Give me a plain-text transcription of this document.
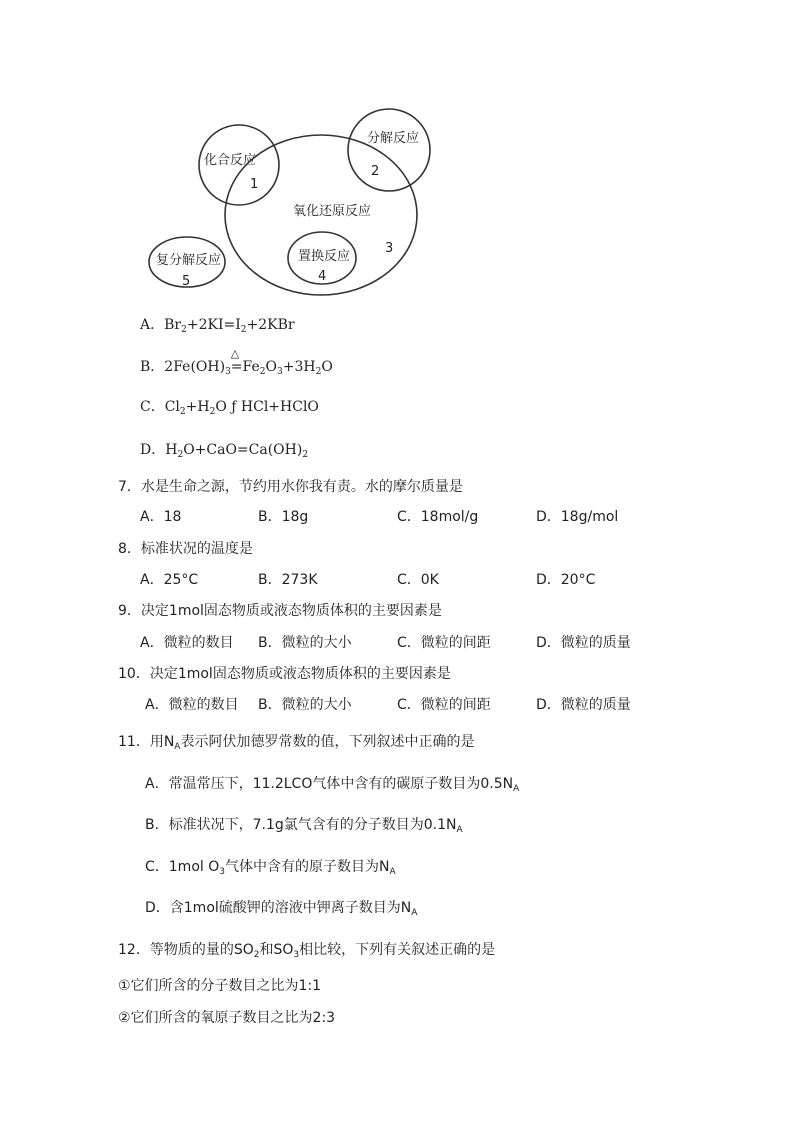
化合反应
1
分解反应
2
氧化还原反应
3
置换反应
4
复分解反应
5
A．$Br_2+2KI=I_2+2KBr$
B．$2Fe(OH)_3$
△
$=Fe_2O_3+3H_2O$
C．$Cl_2+H_2O$ ƒ HCl+HClO
D．$H_2O+CaO=Ca(OH)_2$
7．水是生命之源，节约用水你我有责。水的摩尔质量是
A．18	B．18g	C．18mol/g	D．18g/mol
8．标准状况的温度是
A．25°C	B．273K	C．0K	D．20°C
9．决定1mol固态物质或液态物质体积的主要因素是
A．微粒的数目 B．微粒的大小	C．微粒的间距	D．微粒的质量
10．决定1mol固态物质或液态物质体积的主要因素是
A．微粒的数目 B．微粒的大小	C．微粒的间距	D．微粒的质量
11．用$N_A$表示阿伏加德罗常数的值，下列叙述中正确的是
A．常温常压下，11.2LCO气体中含有的碳原子数目为$0.5N_A$
B．标准状况下，7.1g氯气含有的分子数目为$0.1N_A$
C．1mol $O_3$气体中含有的原子数目为$N_A$
D．含1mol硫酸钾的溶液中钾离子数目为$N_A$
12．等物质的量的$SO_2$和$SO_3$相比较，下列有关叙述正确的是
①它们所含的分子数目之比为1:1
②它们所含的氧原子数目之比为2:3
